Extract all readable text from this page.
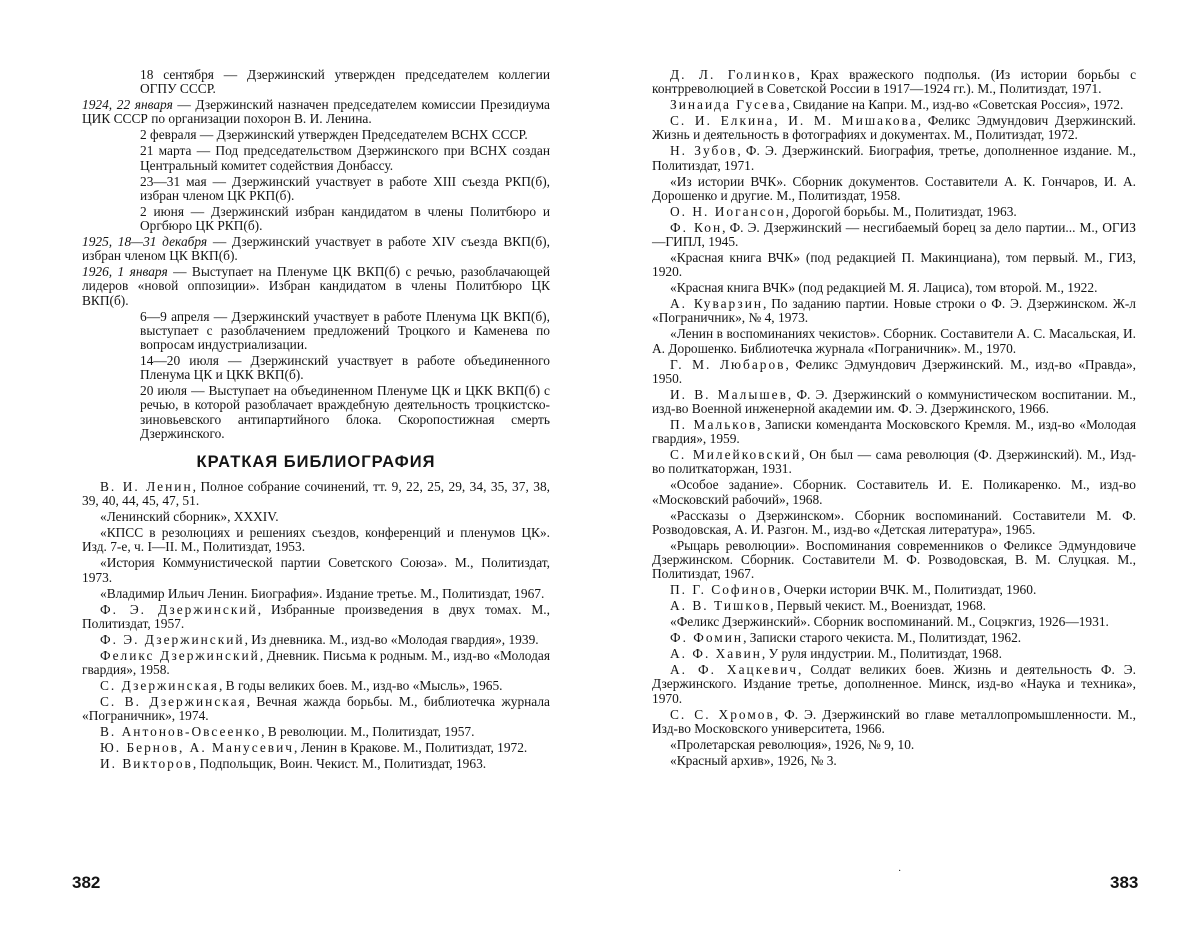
18 сентября — Дзержинский утвержден председателем коллегии ОГПУ СССР.

1924, 22 января — Дзержинский назначен председателем комиссии Президиума ЦИК СССР по организации похорон В. И. Ленина.

2 февраля — Дзержинский утвержден Председателем ВСНХ СССР.

21 марта — Под председательством Дзержинского при ВСНХ создан Центральный комитет содействия Донбассу.

23—31 мая — Дзержинский участвует в работе XIII съезда РКП(б), избран членом ЦК РКП(б).

2 июня — Дзержинский избран кандидатом в члены Политбюро и Оргбюро ЦК РКП(б).

1925, 18—31 декабря — Дзержинский участвует в работе XIV съезда ВКП(б), избран членом ЦК ВКП(б).

1926, 1 января — Выступает на Пленуме ЦК ВКП(б) с речью, разоблачающей лидеров «новой оппозиции». Избран кандидатом в члены Политбюро ЦК ВКП(б).

6—9 апреля — Дзержинский участвует в работе Пленума ЦК ВКП(б), выступает с разоблачением предложений Троцкого и Каменева по вопросам индустриализации.

14—20 июля — Дзержинский участвует в работе объединенного Пленума ЦК и ЦКК ВКП(б).

20 июля — Выступает на объединенном Пленуме ЦК и ЦКК ВКП(б) с речью, в которой разоблачает враждебную деятельность троцкистско-зиновьевского антипартийного блока. Скоропостижная смерть Дзержинского.

КРАТКАЯ БИБЛИОГРАФИЯ

В. И. Ленин, Полное собрание сочинений, тт. 9, 22, 25, 29, 34, 35, 37, 38, 39, 40, 44, 45, 47, 51.

«Ленинский сборник», XXXIV.

«КПСС в резолюциях и решениях съездов, конференций и пленумов ЦК». Изд. 7-е, ч. I—II. М., Политиздат, 1953.

«История Коммунистической партии Советского Союза». М., Политиздат, 1973.

«Владимир Ильич Ленин. Биография». Издание третье. М., Политиздат, 1967.

Ф. Э. Дзержинский, Избранные произведения в двух томах. М., Политиздат, 1957.

Ф. Э. Дзержинский, Из дневника. М., изд-во «Молодая гвардия», 1939.

Феликс Дзержинский, Дневник. Письма к родным. М., изд-во «Молодая гвардия», 1958.

С. Дзержинская, В годы великих боев. М., изд-во «Мысль», 1965.

С. В. Дзержинская, Вечная жажда борьбы. М., библиотечка журнала «Пограничник», 1974.

В. Антонов-Овсеенко, В революции. М., Политиздат, 1957.

Ю. Бернов, А. Манусевич, Ленин в Кракове. М., Политиздат, 1972.

И. Викторов, Подпольщик, Воин. Чекист. М., Политиздат, 1963.

382

Д. Л. Голинков, Крах вражеского подполья. (Из истории борьбы с контрреволюцией в Советской России в 1917—1924 гг.). М., Политиздат, 1971.

Зинаида Гусева, Свидание на Капри. М., изд-во «Советская Россия», 1972.

С. И. Елкина, И. М. Мишакова, Феликс Эдмундович Дзержинский. Жизнь и деятельность в фотографиях и документах. М., Политиздат, 1972.

Н. Зубов, Ф. Э. Дзержинский. Биография, третье, дополненное издание. М., Политиздат, 1971.

«Из истории ВЧК». Сборник документов. Составители А. К. Гончаров, И. А. Дорошенко и другие. М., Политиздат, 1958.

О. Н. Иогансон, Дорогой борьбы. М., Политиздат, 1963.

Ф. Кон, Ф. Э. Дзержинский — несгибаемый борец за дело партии... М., ОГИЗ—ГИПЛ, 1945.

«Красная книга ВЧК» (под редакцией П. Макинциана), том первый. М., ГИЗ, 1920.

«Красная книга ВЧК» (под редакцией М. Я. Лациса), том второй. М., 1922.

А. Куварзин, По заданию партии. Новые строки о Ф. Э. Дзержинском. Ж-л «Пограничник», № 4, 1973.

«Ленин в воспоминаниях чекистов». Сборник. Составители А. С. Масальская, И. А. Дорошенко. Библиотечка журнала «Пограничник». М., 1970.

Г. М. Любаров, Феликс Эдмундович Дзержинский. М., изд-во «Правда», 1950.

И. В. Малышев, Ф. Э. Дзержинский о коммунистическом воспитании. М., изд-во Военной инженерной академии им. Ф. Э. Дзержинского, 1966.

П. Мальков, Записки коменданта Московского Кремля. М., изд-во «Молодая гвардия», 1959.

С. Милейковский, Он был — сама революция (Ф. Дзержинский). М., Изд-во политкаторжан, 1931.

«Особое задание». Сборник. Составитель И. Е. Поликаренко. М., изд-во «Московский рабочий», 1968.

«Рассказы о Дзержинском». Сборник воспоминаний. Составители М. Ф. Розводовская, А. И. Разгон. М., изд-во «Детская литература», 1965.

«Рыцарь революции». Воспоминания современников о Феликсе Эдмундовиче Дзержинском. Сборник. Составители М. Ф. Розводовская, В. М. Слуцкая. М., Политиздат, 1967.

П. Г. Софинов, Очерки истории ВЧК. М., Политиздат, 1960.

А. В. Тишков, Первый чекист. М., Воениздат, 1968.

«Феликс Дзержинский». Сборник воспоминаний. М., Соцэкгиз, 1926—1931.

Ф. Фомин, Записки старого чекиста. М., Политиздат, 1962.

А. Ф. Хавин, У руля индустрии. М., Политиздат, 1968.

А. Ф. Хацкевич, Солдат великих боев. Жизнь и деятельность Ф. Э. Дзержинского. Издание третье, дополненное. Минск, изд-во «Наука и техника», 1970.

С. С. Хромов, Ф. Э. Дзержинский во главе металлопромышленности. М., Изд-во Московского университета, 1966.

«Пролетарская революция», 1926, № 9, 10.

«Красный архив», 1926, № 3.

·
383
